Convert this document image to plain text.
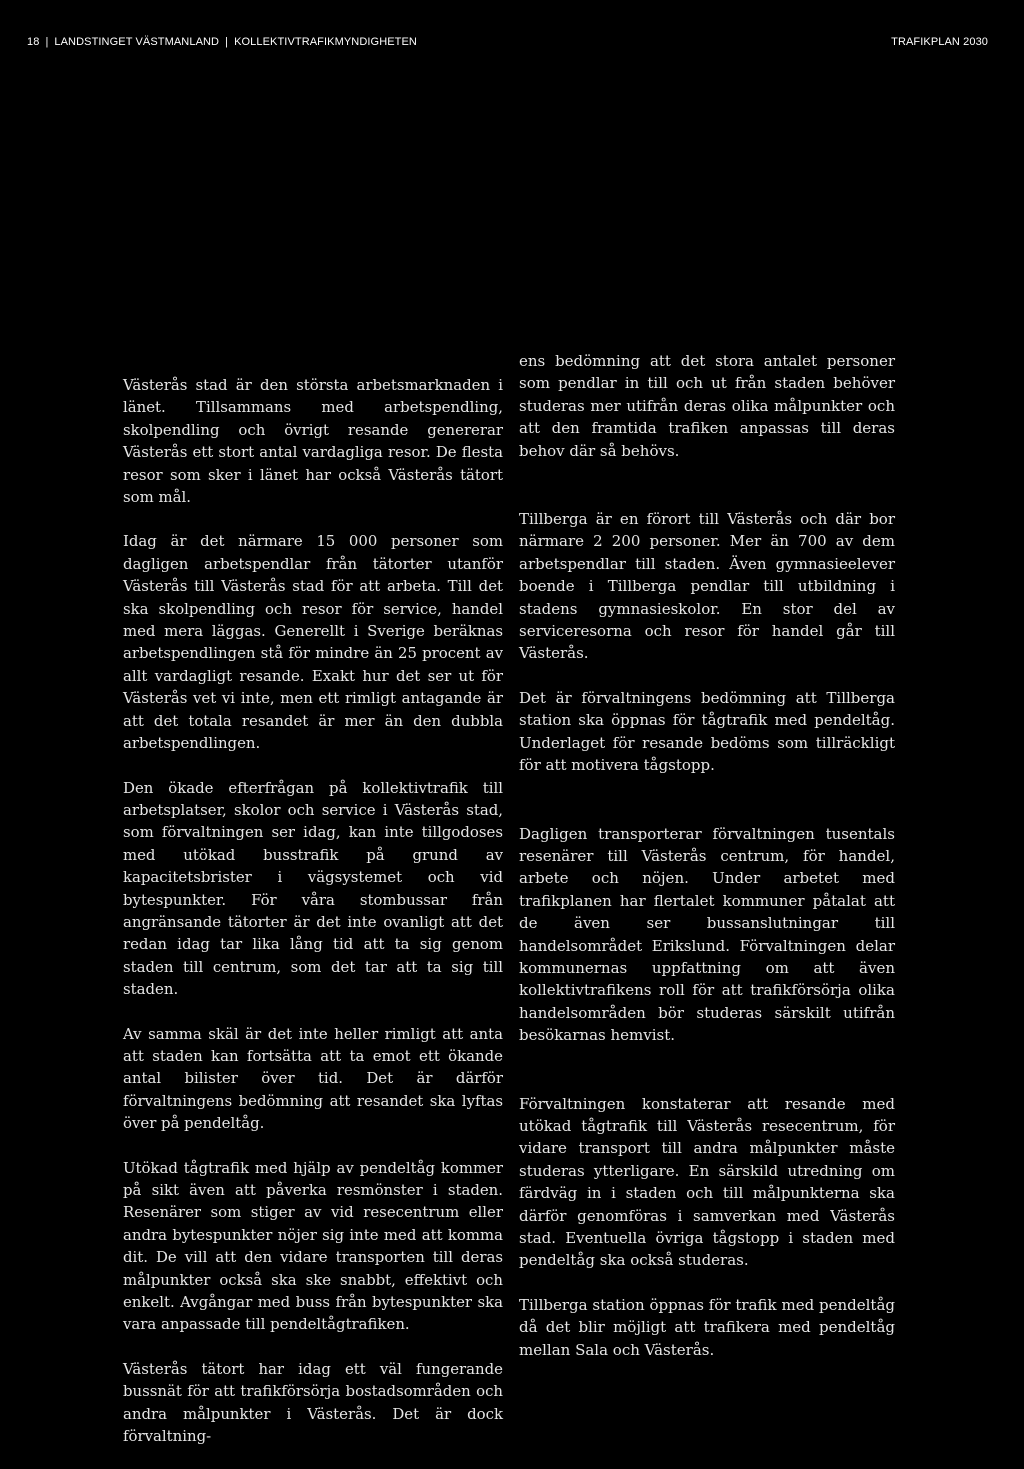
18 | LANDSTINGET VÄSTMANLAND | KOLLEKTIVTRAFIKMYNDIGHETEN	TRAFIKPLAN 2030

Västerås stad är den största arbetsmarknaden i länet. Tillsammans med arbetspendling, skolpendling och övrigt resande genererar Västerås ett stort antal vardagliga resor. De flesta resor som sker i länet har också Västerås tätort som mål.

Idag är det närmare 15 000 personer som dagligen arbetspendlar från tätorter utanför Västerås till Västerås stad för att arbeta. Till det ska skolpendling och resor för service, handel med mera läggas. Generellt i Sverige beräknas arbetspendlingen stå för mindre än 25 procent av allt vardagligt resande. Exakt hur det ser ut för Västerås vet vi inte, men ett rimligt antagande är att det totala resandet är mer än den dubbla arbetspendlingen.

Den ökade efterfrågan på kollektivtrafik till arbetsplatser, skolor och service i Västerås stad, som förvaltningen ser idag, kan inte tillgodoses med utökad busstrafik på grund av kapacitetsbrister i vägsystemet och vid bytespunkter. För våra stombussar från angränsande tätorter är det inte ovanligt att det redan idag tar lika lång tid att ta sig genom staden till centrum, som det tar att ta sig till staden.

Av samma skäl är det inte heller rimligt att anta att staden kan fortsätta att ta emot ett ökande antal bilister över tid. Det är därför förvaltningens bedömning att resandet ska lyftas över på pendeltåg.

Utökad tågtrafik med hjälp av pendeltåg kommer på sikt även att påverka resmönster i staden. Resenärer som stiger av vid resecentrum eller andra bytespunkter nöjer sig inte med att komma dit. De vill att den vidare transporten till deras målpunkter också ska ske snabbt, effektivt och enkelt. Avgångar med buss från bytespunkter ska vara anpassade till pendeltågtrafiken.

Västerås tätort har idag ett väl fungerande bussnät för att trafikförsörja bostadsområden och andra målpunkter i Västerås. Det är dock förvaltning-

ens bedömning att det stora antalet personer som pendlar in till och ut från staden behöver studeras mer utifrån deras olika målpunkter och att den framtida trafiken anpassas till deras behov där så behövs.

Tillberga är en förort till Västerås och där bor närmare 2 200 personer. Mer än 700 av dem arbetspendlar till staden. Även gymnasieelever boende i Tillberga pendlar till utbildning i stadens gymnasieskolor. En stor del av serviceresorna och resor för handel går till Västerås.

Det är förvaltningens bedömning att Tillberga station ska öppnas för tågtrafik med pendeltåg. Underlaget för resande bedöms som tillräckligt för att motivera tågstopp.

Dagligen transporterar förvaltningen tusentals resenärer till Västerås centrum, för handel, arbete och nöjen. Under arbetet med trafikplanen har flertalet kommuner påtalat att de även ser bussanslutningar till handelsområdet Erikslund. Förvaltningen delar kommunernas uppfattning om att även kollektivtrafikens roll för att trafikförsörja olika handelsområden bör studeras särskilt utifrån besökarnas hemvist.

Förvaltningen konstaterar att resande med utökad tågtrafik till Västerås resecentrum, för vidare transport till andra målpunkter måste studeras ytterligare. En särskild utredning om färdväg in i staden och till målpunkterna ska därför genomföras i samverkan med Västerås stad. Eventuella övriga tågstopp i staden med pendeltåg ska också studeras.

Tillberga station öppnas för trafik med pendeltåg då det blir möjligt att trafikera med pendeltåg mellan Sala och Västerås.
